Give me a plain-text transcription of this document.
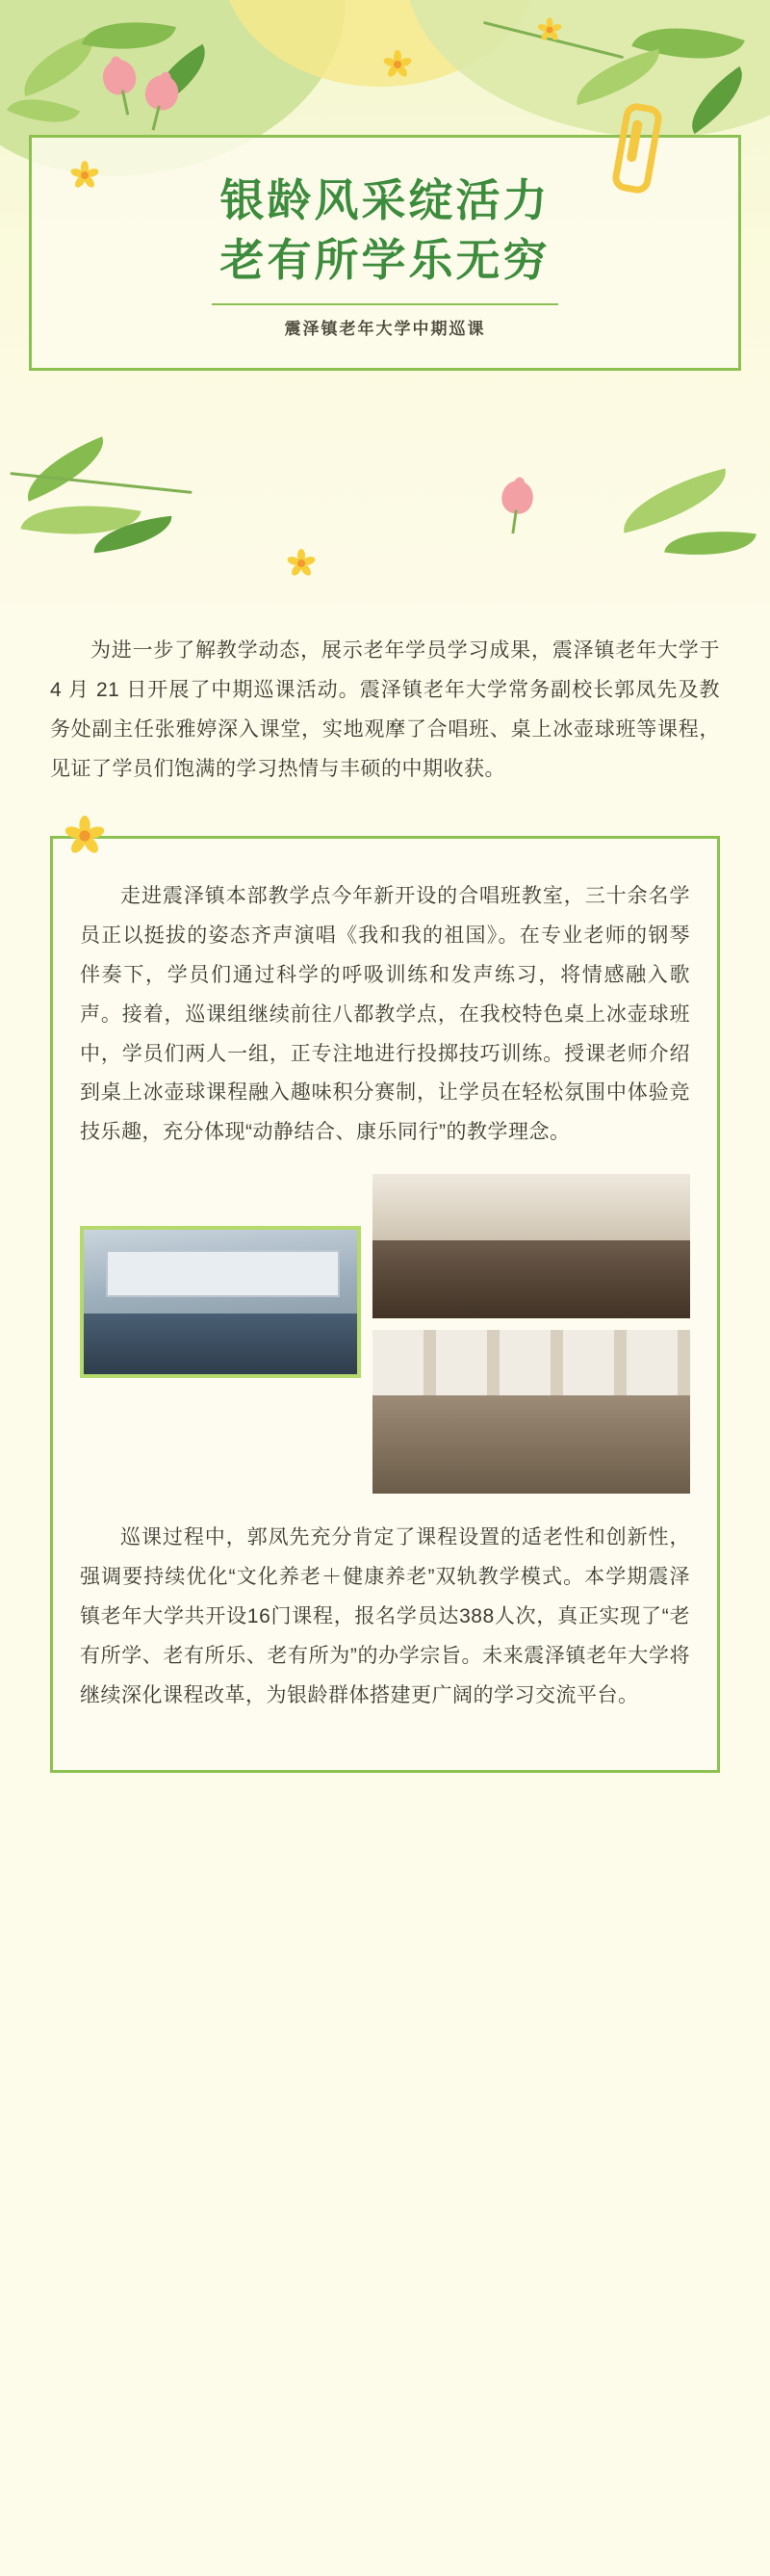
银龄风采绽活力
老有所学乐无穷
震泽镇老年大学中期巡课

为进一步了解教学动态，展示老年学员学习成果，震泽镇老年大学于 4 月 21 日开展了中期巡课活动。震泽镇老年大学常务副校长郭凤先及教务处副主任张雅婷深入课堂，实地观摩了合唱班、桌上冰壶球班等课程，见证了学员们饱满的学习热情与丰硕的中期收获。

走进震泽镇本部教学点今年新开设的合唱班教室，三十余名学员正以挺拔的姿态齐声演唱《我和我的祖国》。在专业老师的钢琴伴奏下，学员们通过科学的呼吸训练和发声练习，将情感融入歌声。接着，巡课组继续前往八都教学点，在我校特色桌上冰壶球班中，学员们两人一组，正专注地进行投掷技巧训练。授课老师介绍到桌上冰壶球课程融入趣味积分赛制，让学员在轻松氛围中体验竞技乐趣，充分体现“动静结合、康乐同行”的教学理念。

巡课过程中，郭凤先充分肯定了课程设置的适老性和创新性，强调要持续优化“文化养老＋健康养老”双轨教学模式。本学期震泽镇老年大学共开设16门课程，报名学员达388人次，真正实现了“老有所学、老有所乐、老有所为”的办学宗旨。未来震泽镇老年大学将继续深化课程改革，为银龄群体搭建更广阔的学习交流平台。
